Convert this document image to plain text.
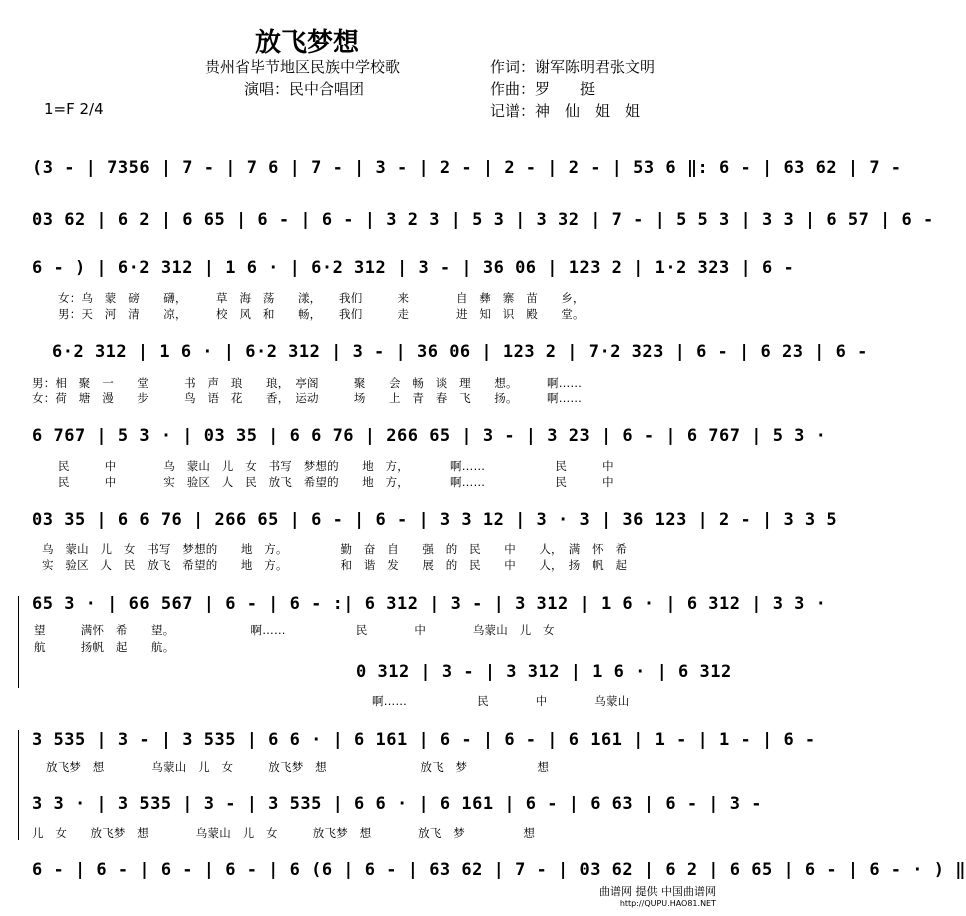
放飞梦想
贵州省毕节地区民族中学校歌
演唱：民中合唱团
1=F 2/4
作词：谢军陈明君张文明
作曲：罗　　挺
记谱：神　仙　姐　姐
(3 - | 7356 | 7 - | 7 6 | 7 - | 3 - | 2 - | 2 - | 2 - | 53 6 ‖: 6 - | 63 62 | 7 -
03 62 | 6 2 | 6 65 | 6 - | 6 - | 3 2 3 | 5 3 | 3 32 | 7 - | 5 5 3 | 3 3 | 6 57 | 6 -
6 - ) | 6·2 312 | 1 6 · | 6·2 312 | 3 - | 36 06 | 123 2 | 1·2 323 | 6 -
女：乌　蒙　磅　　礴，　　　草　海　荡　　漾，　　我们　　　来　　　　自　彝　寨　苗　　乡，
男：天　河　清　　凉，　　　校　风　和　　畅，　　我们　　　走　　　　进　知　识　殿　　堂。
6·2 312 | 1 6 · | 6·2 312 | 3 - | 36 06 | 123 2 | 7·2 323 | 6 - | 6 23 | 6 -
男：相　聚　一　　堂　　　书　声　琅　　琅，　亭阁　　　聚　　会　畅　谈　理　　想。　　　啊……
女：荷　塘　漫　　步　　　鸟　语　花　　香，　运动　　　场　　上　青　春　飞　　扬。　　　啊……
6 767 | 5 3 · | 03 35 | 6 6 76 | 266 65 | 3 - | 3 23 | 6 - | 6 767 | 5 3 ·
民　　　中　　　　乌　蒙山　儿　女　书写　梦想的　　地　方，　　　　啊……　　　　　　民　　　中
民　　　中　　　　实　验区　人　民　放飞　希望的　　地　方，　　　　啊……　　　　　　民　　　中
03 35 | 6 6 76 | 266 65 | 6 - | 6 - | 3 3 12 | 3 · 3 | 36 123 | 2 - | 3 3 5
乌　蒙山　儿　女　书写　梦想的　　地　方。　　　　　勤　奋　自　　强　的　民　　中　　人，　满　怀　希
实　验区　人　民　放飞　希望的　　地　方。　　　　　和　谐　发　　展　的　民　　中　　人，　扬　帆　起
65 3 · | 66 567 | 6 - | 6 - :| 6 312 | 3 - | 3 312 | 1 6 · | 6 312 | 3 3 ·
望　　　满怀　希　　望。　　　　　　　啊……　　　　　　民　　　　中　　　　乌蒙山　儿　女
航　　　扬帆　起　　航。
0 312 | 3 - | 3 312 | 1 6 · | 6 312
啊……　　　　　　民　　　　中　　　　乌蒙山
3 535 | 3 - | 3 535 | 6 6 · | 6 161 | 6 - | 6 - | 6 161 | 1 - | 1 - | 6 -
放飞梦　想　　　　乌蒙山　儿　女　　　放飞梦　想　　　　　　　　放飞　梦　　　　　　想
3 3 · | 3 535 | 3 - | 3 535 | 6 6 · | 6 161 | 6 - | 6 63 | 6 - | 3 -
儿　女　　放飞梦　想　　　　乌蒙山　儿　女　　　放飞梦　想　　　　放飞　梦　　　　　想
6 - | 6 - | 6 - | 6 - | 6 (6 | 6 - | 63 62 | 7 - | 03 62 | 6 2 | 6 65 | 6 - | 6 - · ) ‖
曲谱网 提供 中国曲谱网
http://QUPU.HAO81.NET
